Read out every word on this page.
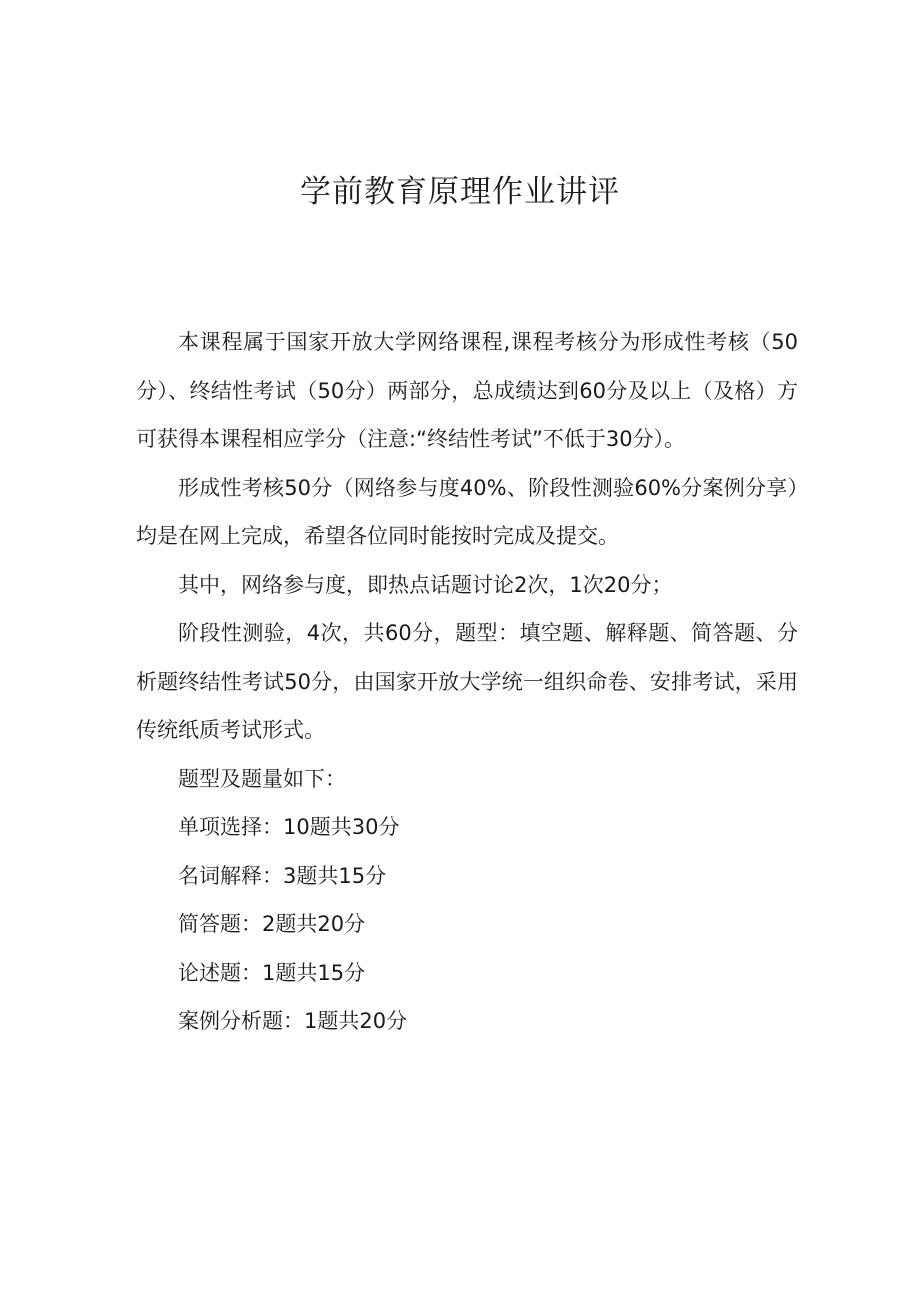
学前教育原理作业讲评

本课程属于国家开放大学网络课程,课程考核分为形成性考核（50分）、终结性考试（50分）两部分，总成绩达到60分及以上（及格）方可获得本课程相应学分（注意:“终结性考试”不低于30分）。

形成性考核50分（网络参与度40%、阶段性测验60%分案例分享）均是在网上完成，希望各位同时能按时完成及提交。

其中，网络参与度，即热点话题讨论2次，1次20分；

阶段性测验，4次，共60分，题型：填空题、解释题、简答题、分析题终结性考试50分，由国家开放大学统一组织命卷、安排考试，采用传统纸质考试形式。

题型及题量如下：

单项选择：10题共30分

名词解释：3题共15分

简答题：2题共20分

论述题：1题共15分

案例分析题：1题共20分
